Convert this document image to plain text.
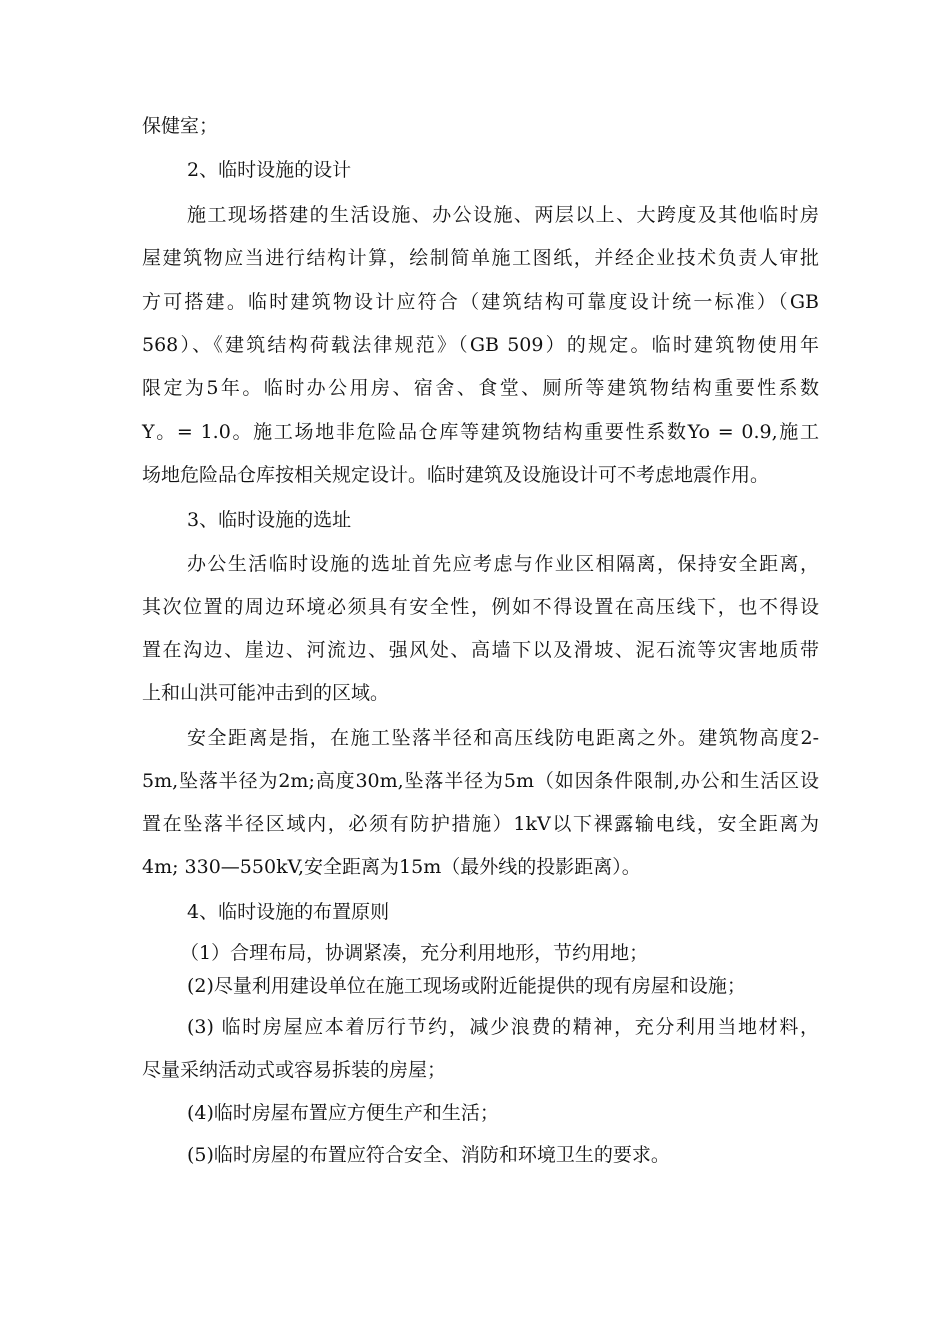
保健室；

2、临时设施的设计

施工现场搭建的生活设施、办公设施、两层以上、大跨度及其他临时房

屋建筑物应当进行结构计算，绘制简单施工图纸，并经企业技术负责人审批

方可搭建。临时建筑物设计应符合（建筑结构可靠度设计统一标准）（GB

568）、《建筑结构荷载法律规范》（GB 509）的规定。临时建筑物使用年

限定为5年。临时办公用房、宿舍、食堂、厕所等建筑物结构重要性系数

Y。= 1.0。施工场地非危险品仓库等建筑物结构重要性系数Yo = 0.9,施工

场地危险品仓库按相关规定设计。临时建筑及设施设计可不考虑地震作用。

3、临时设施的选址

办公生活临时设施的选址首先应考虑与作业区相隔离，保持安全距离，

其次位置的周边环境必须具有安全性，例如不得设置在高压线下，也不得设

置在沟边、崖边、河流边、强风处、高墙下以及滑坡、泥石流等灾害地质带

上和山洪可能冲击到的区域。

安全距离是指，在施工坠落半径和高压线防电距离之外。建筑物高度2-

5m,坠落半径为2m;高度30m,坠落半径为5m（如因条件限制,办公和生活区设

置在坠落半径区域内，必须有防护措施）1kV以下裸露输电线，安全距离为

4m; 330—550kV,安全距离为15m（最外线的投影距离）。

4、临时设施的布置原则

（1）合理布局，协调紧凑，充分利用地形，节约用地；

(2)尽量利用建设单位在施工现场或附近能提供的现有房屋和设施；

(3) 临时房屋应本着厉行节约，减少浪费的精神，充分利用当地材料，

尽量采纳活动式或容易拆装的房屋；

(4)临时房屋布置应方便生产和生活；

(5)临时房屋的布置应符合安全、消防和环境卫生的要求。
